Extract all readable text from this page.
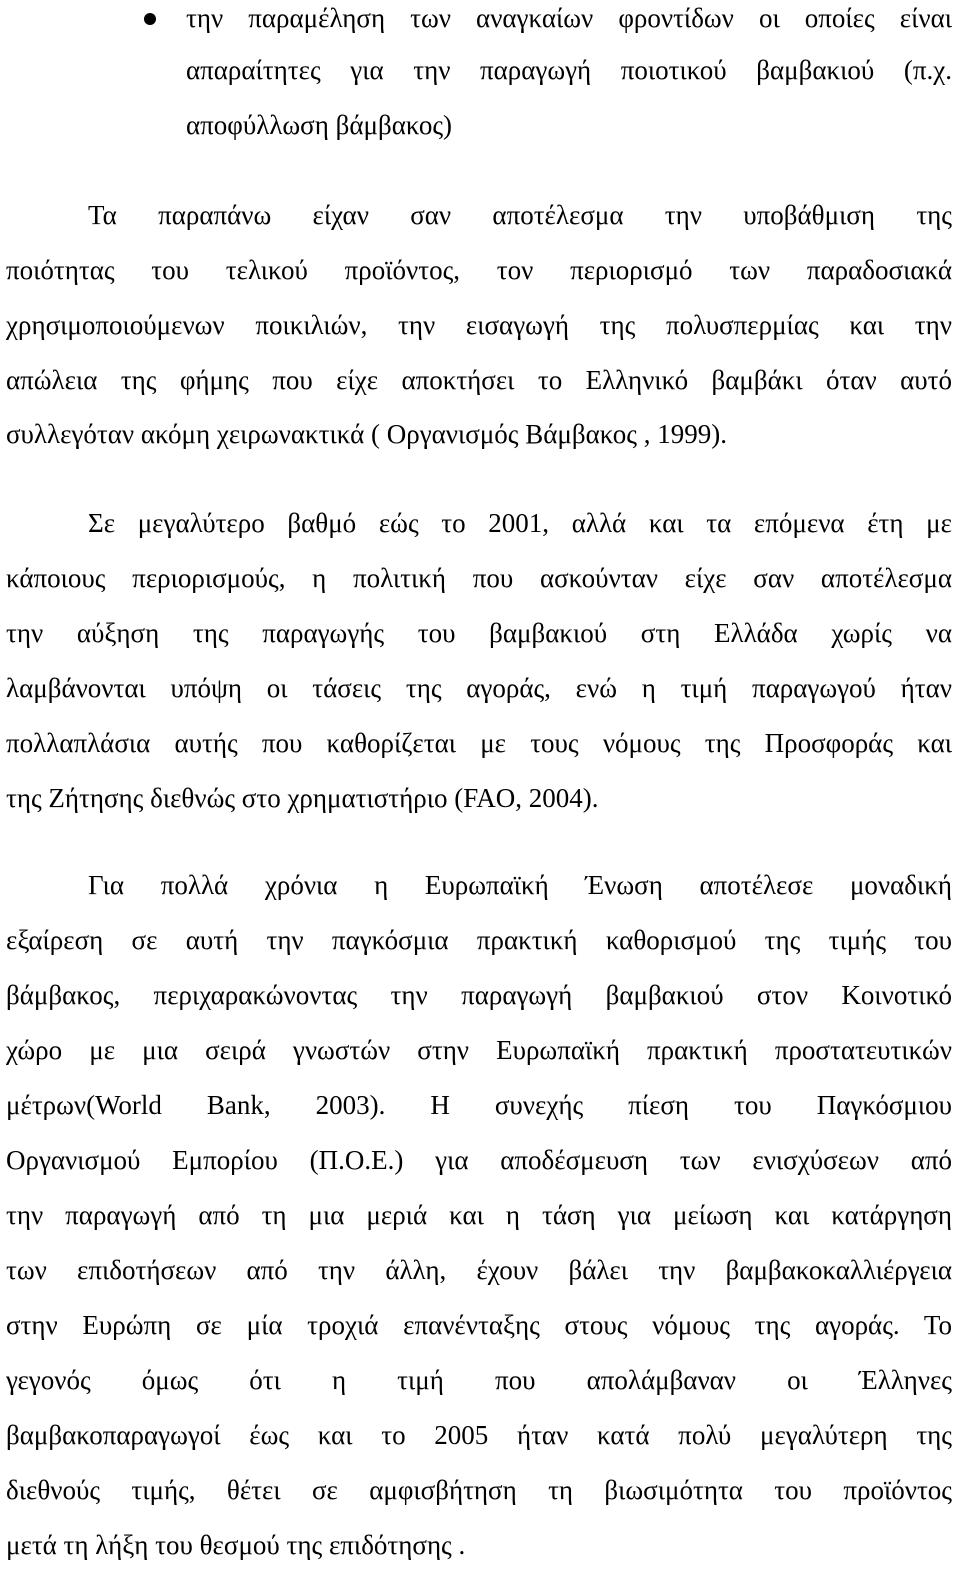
την παραμέληση των αναγκαίων φροντίδων οι οποίες είναι

απαραίτητες για την παραγωγή ποιοτικού βαμβακιού (π.χ.

αποφύλλωση βάμβακος)

Τα παραπάνω είχαν σαν αποτέλεσμα την υποβάθμιση της

ποιότητας του τελικού προϊόντος, τον περιορισμό των παραδοσιακά

χρησιμοποιούμενων ποικιλιών, την εισαγωγή της πολυσπερμίας και την

απώλεια της φήμης που είχε αποκτήσει το Ελληνικό βαμβάκι όταν αυτό

συλλεγόταν ακόμη χειρωνακτικά ( Οργανισμός Βάμβακος , 1999).

Σε μεγαλύτερο βαθμό εώς το 2001, αλλά και τα επόμενα έτη με

κάποιους περιορισμούς, η πολιτική που ασκούνταν είχε σαν αποτέλεσμα

την αύξηση της παραγωγής του βαμβακιού στη Ελλάδα χωρίς να

λαμβάνονται υπόψη οι τάσεις της αγοράς, ενώ η τιμή παραγωγού ήταν

πολλαπλάσια αυτής που καθορίζεται με τους νόμους της Προσφοράς και

της Ζήτησης διεθνώς στο χρηματιστήριο (FAO, 2004).

Για πολλά χρόνια η Ευρωπαϊκή Ένωση αποτέλεσε μοναδική

εξαίρεση σε αυτή την παγκόσμια πρακτική καθορισμού της τιμής του

βάμβακος, περιχαρακώνοντας την παραγωγή βαμβακιού στον Κοινοτικό

χώρο με μια σειρά γνωστών στην Ευρωπαϊκή πρακτική προστατευτικών

μέτρων(World Bank, 2003). Η συνεχής πίεση του Παγκόσμιου

Οργανισμού Εμπορίου (Π.Ο.Ε.) για αποδέσμευση των ενισχύσεων από

την παραγωγή από τη μια μεριά και η τάση για μείωση και κατάργηση

των επιδοτήσεων από την άλλη, έχουν βάλει την βαμβακοκαλλιέργεια

στην Ευρώπη σε μία τροχιά επανένταξης στους νόμους της αγοράς. Το

γεγονός όμως ότι η τιμή που απολάμβαναν οι Έλληνες

βαμβακοπαραγωγοί έως και το 2005 ήταν κατά πολύ μεγαλύτερη της

διεθνούς τιμής, θέτει σε αμφισβήτηση τη βιωσιμότητα του προϊόντος

μετά τη λήξη του θεσμού της επιδότησης .
